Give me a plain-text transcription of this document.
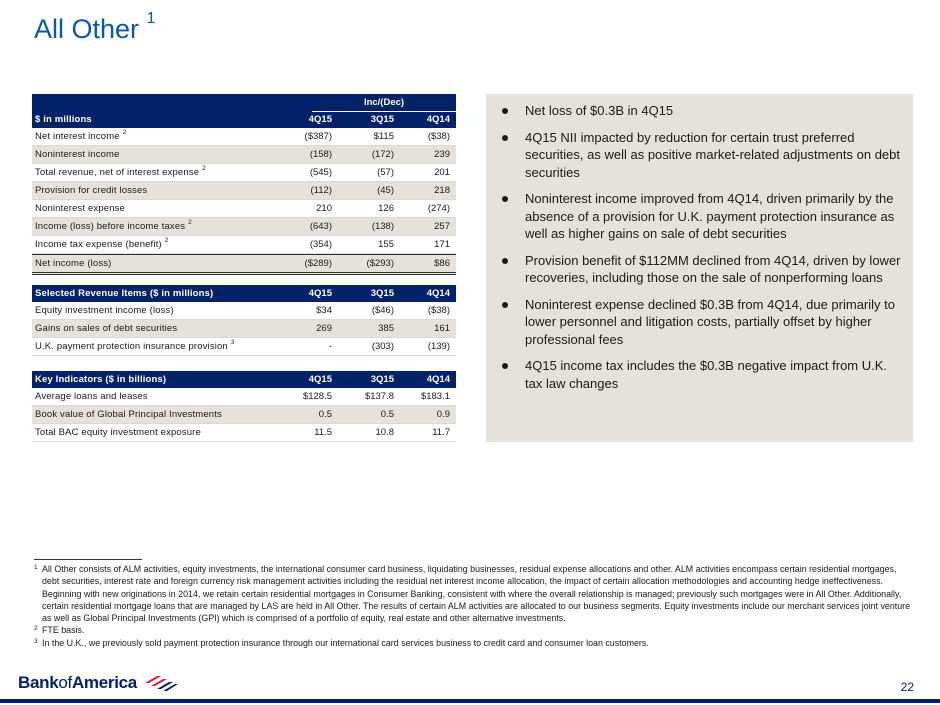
All Other $^1$
Inc/(Dec)
$ in millions	4Q15	3Q15	4Q14
Net interest income $^2$	($387)	$115	($38)
Noninterest income	(158)	(172)	239
Total revenue, net of interest expense $^2$	(545)	(57)	201
Provision for credit losses	(112)	(45)	218
Noninterest expense	210	126	(274)
Income (loss) before income taxes $^2$	(643)	(138)	257
Income tax expense (benefit) $^2$	(354)	155	171
Net income (loss)	($289)	($293)	$86
Selected Revenue Items ($ in millions)	4Q15	3Q15	4Q14
Equity investment income (loss)	$34	($46)	($38)
Gains on sales of debt securities	269	385	161
U.K. payment protection insurance provision $^3$	-	(303)	(139)
Key Indicators ($ in billions)	4Q15	3Q15	4Q14
Average loans and leases	$128.5	$137.8	$183.1
Book value of Global Principal Investments	0.5	0.5	0.9
Total BAC equity investment exposure	11.5	10.8	11.7
Net loss of $0.3B in 4Q15
4Q15 NII impacted by reduction for certain trust preferred securities, as well as positive market-related adjustments on debt securities
Noninterest income improved from 4Q14, driven primarily by the absence of a provision for U.K. payment protection insurance as well as higher gains on sale of debt securities
Provision benefit of $112MM declined from 4Q14, driven by lower recoveries, including those on the sale of nonperforming loans
Noninterest expense declined $0.3B from 4Q14, due primarily to lower personnel and litigation costs, partially offset by higher professional fees
4Q15 income tax includes the $0.3B negative impact from U.K. tax law changes
1 All Other consists of ALM activities, equity investments, the international consumer card business, liquidating businesses, residual expense allocations and other. ALM activities encompass certain residential mortgages, debt securities, interest rate and foreign currency risk management activities including the residual net interest income allocation, the impact of certain allocation methodologies and accounting hedge ineffectiveness. Beginning with new originations in 2014, we retain certain residential mortgages in Consumer Banking, consistent with where the overall relationship is managed; previously such mortgages were in All Other. Additionally, certain residential mortgage loans that are managed by LAS are held in All Other. The results of certain ALM activities are allocated to our business segments. Equity investments include our merchant services joint venture as well as Global Principal Investments (GPI) which is comprised of a portfolio of equity, real estate and other alternative investments.
2 FTE basis.
3 In the U.K., we previously sold payment protection insurance through our international card services business to credit card and consumer loan customers.
BankofAmerica	22
